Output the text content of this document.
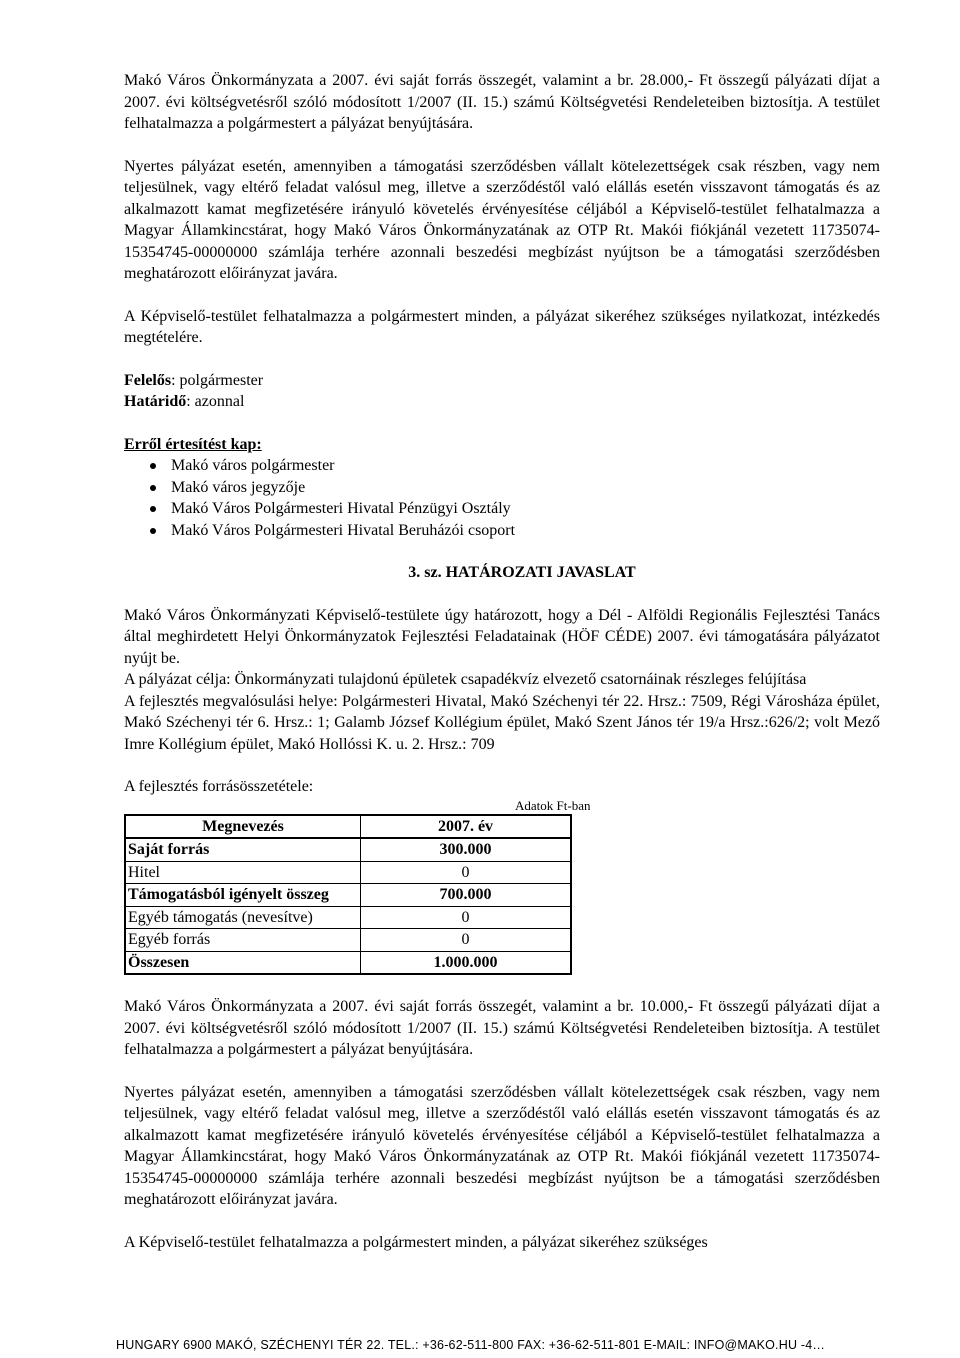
Makó Város Önkormányzata a 2007. évi saját forrás összegét, valamint a br. 28.000,- Ft összegű pályázati díjat a 2007. évi költségvetésről szóló módosított 1/2007 (II. 15.) számú Költségvetési Rendeleteiben biztosítja. A testület felhatalmazza a polgármestert a pályázat benyújtására.

Nyertes pályázat esetén, amennyiben a támogatási szerződésben vállalt kötelezettségek csak részben, vagy nem teljesülnek, vagy eltérő feladat valósul meg, illetve a szerződéstől való elállás esetén visszavont támogatás és az alkalmazott kamat megfizetésére irányuló követelés érvényesítése céljából a Képviselő-testület felhatalmazza a Magyar Államkincstárat, hogy Makó Város Önkormányzatának az OTP Rt. Makói fiókjánál vezetett 11735074-15354745-00000000 számlája terhére azonnali beszedési megbízást nyújtson be a támogatási szerződésben meghatározott előirányzat javára.

A Képviselő-testület felhatalmazza a polgármestert minden, a pályázat sikeréhez szükséges nyilatkozat, intézkedés megtételére.

Felelős: polgármester

Határidő: azonnal

Erről értesítést kap:

Makó város polgármester
Makó város jegyzője
Makó Város Polgármesteri Hivatal Pénzügyi Osztály
Makó Város Polgármesteri Hivatal Beruházói csoport

3. sz. HATÁROZATI JAVASLAT

Makó Város Önkormányzati Képviselő-testülete úgy határozott, hogy a Dél - Alföldi Regionális Fejlesztési Tanács által meghirdetett Helyi Önkormányzatok Fejlesztési Feladatainak (HÖF CÉDE) 2007. évi támogatására pályázatot nyújt be.

A pályázat célja: Önkormányzati tulajdonú épületek csapadékvíz elvezető csatornáinak részleges felújítása

A fejlesztés megvalósulási helye: Polgármesteri Hivatal, Makó Széchenyi tér 22. Hrsz.: 7509, Régi Városháza épület, Makó Széchenyi tér 6. Hrsz.: 1; Galamb József Kollégium épület, Makó Szent János tér 19/a Hrsz.:626/2; volt Mező Imre Kollégium épület, Makó Hollóssi K. u. 2. Hrsz.: 709

A fejlesztés forrásösszetétele:

Adatok Ft-ban
Megnevezés	2007. év
Saját forrás	300.000
Hitel	0
Támogatásból igényelt összeg	700.000
Egyéb támogatás (nevesítve)	0
Egyéb forrás	0
Összesen	1.000.000

Makó Város Önkormányzata a 2007. évi saját forrás összegét, valamint a br. 10.000,- Ft összegű pályázati díjat a 2007. évi költségvetésről szóló módosított 1/2007 (II. 15.) számú Költségvetési Rendeleteiben biztosítja. A testület felhatalmazza a polgármestert a pályázat benyújtására.

Nyertes pályázat esetén, amennyiben a támogatási szerződésben vállalt kötelezettségek csak részben, vagy nem teljesülnek, vagy eltérő feladat valósul meg, illetve a szerződéstől való elállás esetén visszavont támogatás és az alkalmazott kamat megfizetésére irányuló követelés érvényesítése céljából a Képviselő-testület felhatalmazza a Magyar Államkincstárat, hogy Makó Város Önkormányzatának az OTP Rt. Makói fiókjánál vezetett 11735074-15354745-00000000 számlája terhére azonnali beszedési megbízást nyújtson be a támogatási szerződésben meghatározott előirányzat javára.

A Képviselő-testület felhatalmazza a polgármestert minden, a pályázat sikeréhez szükséges

HUNGARY 6900 MAKÓ, SZÉCHENYI TÉR 22. TEL.: +36-62-511-800 FAX: +36-62-511-801 E-MAIL: INFO@MAKO.HU -4…
